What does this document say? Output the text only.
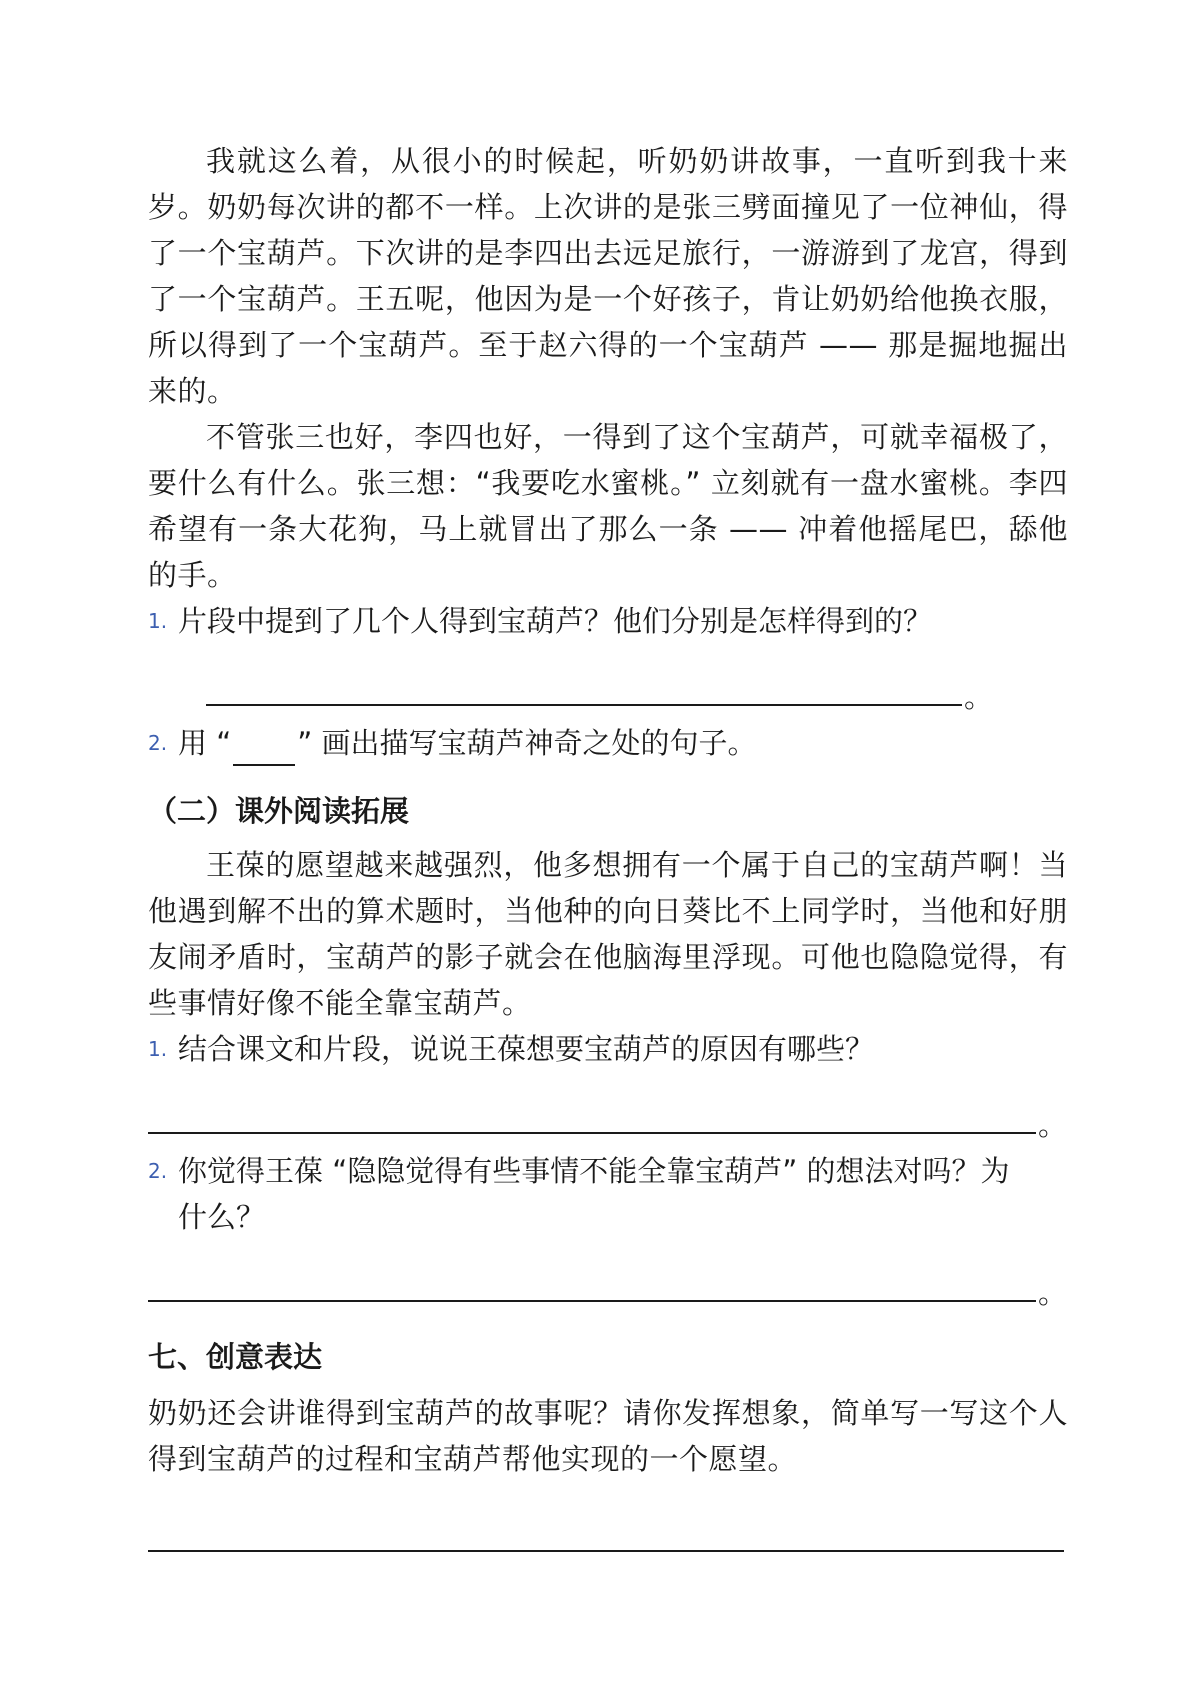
我就这么着，从很小的时候起，听奶奶讲故事，一直听到我十来岁。奶奶每次讲的都不一样。上次讲的是张三劈面撞见了一位神仙，得了一个宝葫芦。下次讲的是李四出去远足旅行，一游游到了龙宫，得到了一个宝葫芦。王五呢，他因为是一个好孩子，肯让奶奶给他换衣服，所以得到了一个宝葫芦。至于赵六得的一个宝葫芦 —— 那是掘地掘出来的。

不管张三也好，李四也好，一得到了这个宝葫芦，可就幸福极了，要什么有什么。张三想：“我要吃水蜜桃。” 立刻就有一盘水蜜桃。李四希望有一条大花狗，马上就冒出了那么一条 —— 冲着他摇尾巴，舔他的手。

1. 片段中提到了几个人得到宝葫芦？他们分别是怎样得到的？
。
2. 用 “ ” 画出描写宝葫芦神奇之处的句子。

（二）课外阅读拓展

王葆的愿望越来越强烈，他多想拥有一个属于自己的宝葫芦啊！当他遇到解不出的算术题时，当他种的向日葵比不上同学时，当他和好朋友闹矛盾时，宝葫芦的影子就会在他脑海里浮现。可他也隐隐觉得，有些事情好像不能全靠宝葫芦。

1. 结合课文和片段，说说王葆想要宝葫芦的原因有哪些？
。
2. 你觉得王葆 “隐隐觉得有些事情不能全靠宝葫芦” 的想法对吗？为什么？
。

七、创意表达

奶奶还会讲谁得到宝葫芦的故事呢？请你发挥想象，简单写一写这个人得到宝葫芦的过程和宝葫芦帮他实现的一个愿望。
